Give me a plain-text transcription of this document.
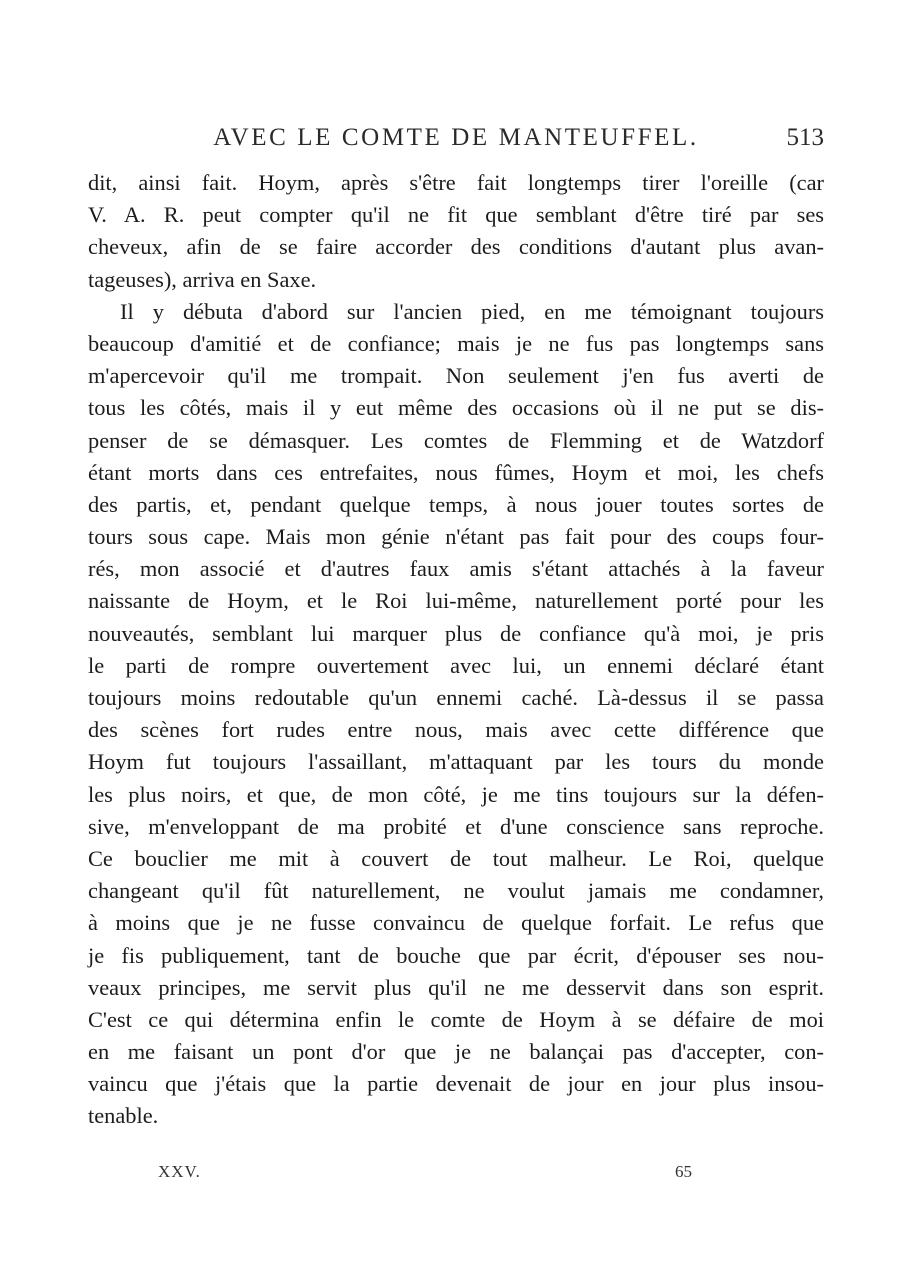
AVEC LE COMTE DE MANTEUFFEL.	513
dit, ainsi fait. Hoym, après s'être fait longtemps tirer l'oreille (car
V. A. R. peut compter qu'il ne fit que semblant d'être tiré par ses
cheveux, afin de se faire accorder des conditions d'autant plus avan-
tageuses), arriva en Saxe.
Il y débuta d'abord sur l'ancien pied, en me témoignant toujours
beaucoup d'amitié et de confiance; mais je ne fus pas longtemps sans
m'apercevoir qu'il me trompait. Non seulement j'en fus averti de
tous les côtés, mais il y eut même des occasions où il ne put se dis-
penser de se démasquer. Les comtes de Flemming et de Watzdorf
étant morts dans ces entrefaites, nous fûmes, Hoym et moi, les chefs
des partis, et, pendant quelque temps, à nous jouer toutes sortes de
tours sous cape. Mais mon génie n'étant pas fait pour des coups four-
rés, mon associé et d'autres faux amis s'étant attachés à la faveur
naissante de Hoym, et le Roi lui-même, naturellement porté pour les
nouveautés, semblant lui marquer plus de confiance qu'à moi, je pris
le parti de rompre ouvertement avec lui, un ennemi déclaré étant
toujours moins redoutable qu'un ennemi caché. Là-dessus il se passa
des scènes fort rudes entre nous, mais avec cette différence que
Hoym fut toujours l'assaillant, m'attaquant par les tours du monde
les plus noirs, et que, de mon côté, je me tins toujours sur la défen-
sive, m'enveloppant de ma probité et d'une conscience sans reproche.
Ce bouclier me mit à couvert de tout malheur. Le Roi, quelque
changeant qu'il fût naturellement, ne voulut jamais me condamner,
à moins que je ne fusse convaincu de quelque forfait. Le refus que
je fis publiquement, tant de bouche que par écrit, d'épouser ses nou-
veaux principes, me servit plus qu'il ne me desservit dans son esprit.
C'est ce qui détermina enfin le comte de Hoym à se défaire de moi
en me faisant un pont d'or que je ne balançai pas d'accepter, con-
vaincu que j'étais que la partie devenait de jour en jour plus insou-
tenable.
XXV.	65
